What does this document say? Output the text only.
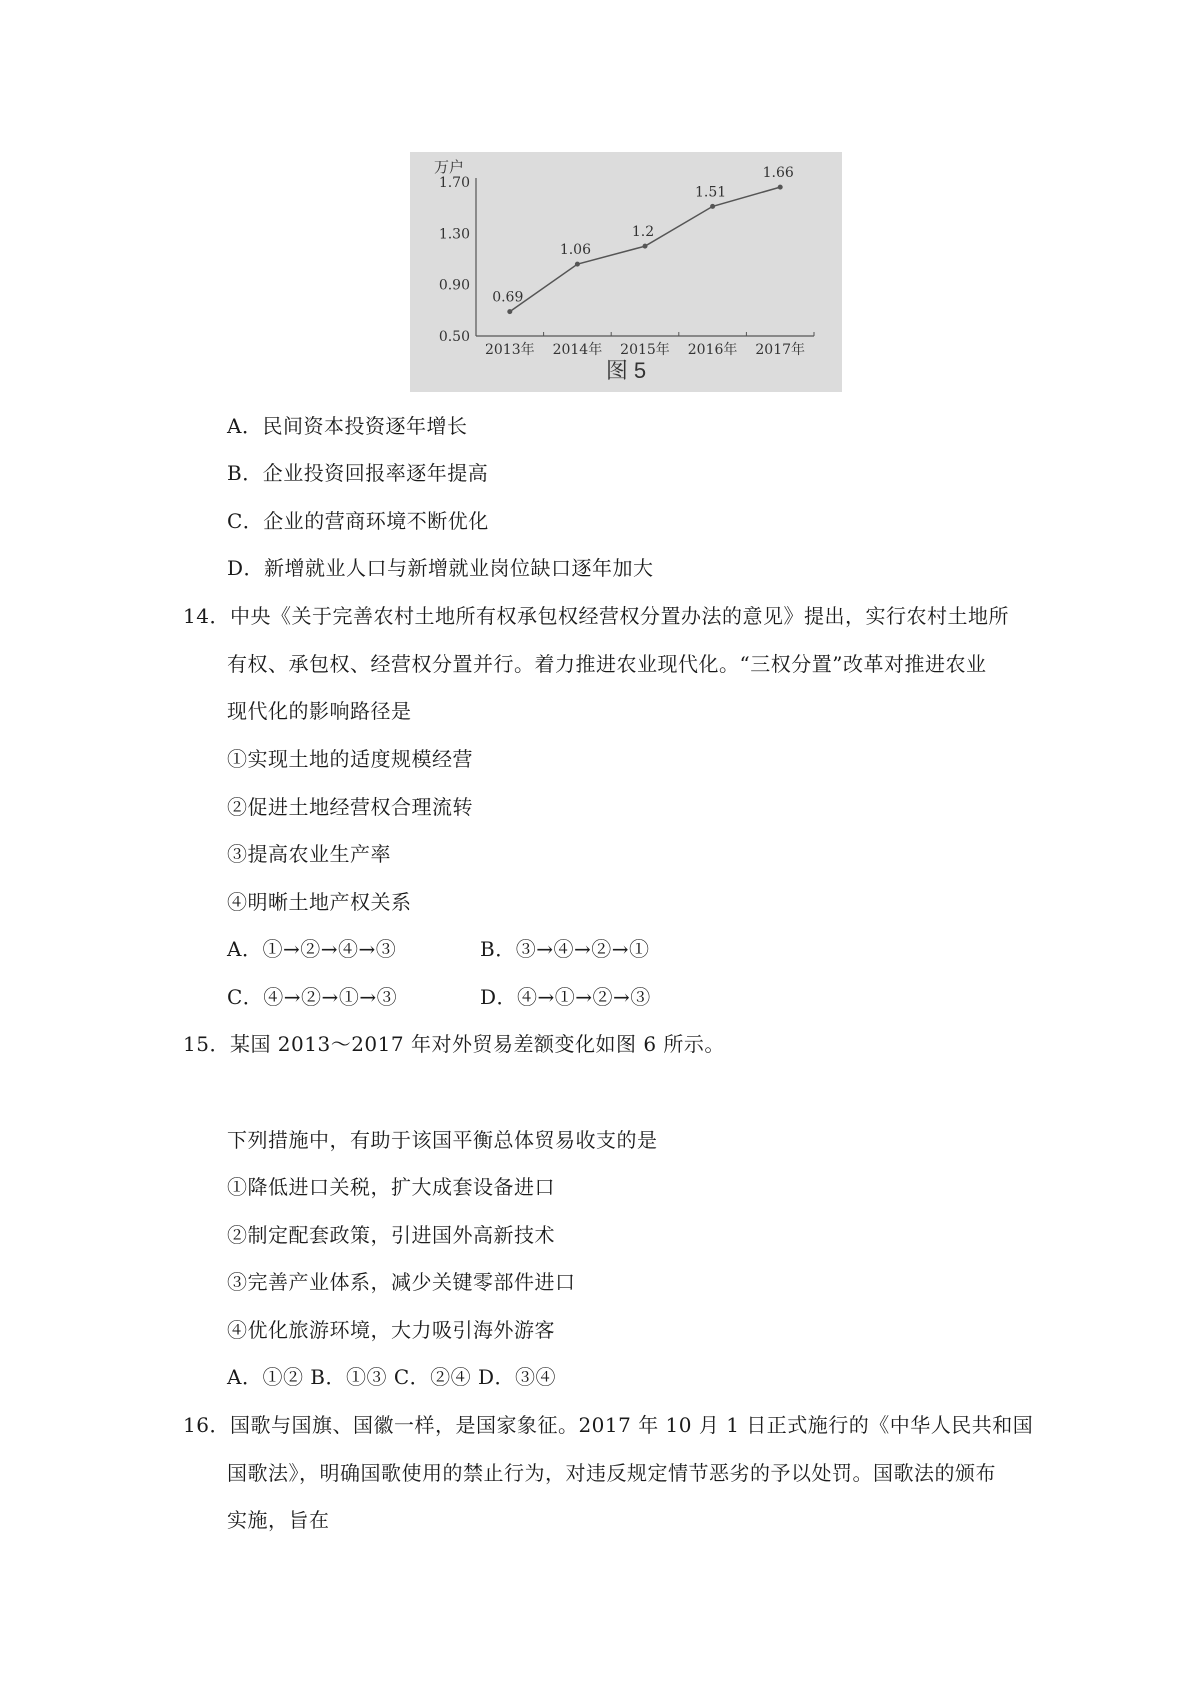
万户
1.70
1.30
0.90
0.50
2013年 2014年 2015年 2016年 2017年
0.69
1.06
1.2
1.51
1.66
图 5
A．民间资本投资逐年增长
B．企业投资回报率逐年提高
C．企业的营商环境不断优化
D．新增就业人口与新增就业岗位缺口逐年加大
14．中央《关于完善农村土地所有权承包权经营权分置办法的意见》提出，实行农村土地所
有权、承包权、经营权分置并行。着力推进农业现代化。“三权分置”改革对推进农业
现代化的影响路径是
①实现土地的适度规模经营
②促进土地经营权合理流转
③提高农业生产率
④明晰土地产权关系
A．①→②→④→③	B．③→④→②→①
C．④→②→①→③	D．④→①→②→③
15．某国 2013～2017 年对外贸易差额变化如图 6 所示。
下列措施中，有助于该国平衡总体贸易收支的是
①降低进口关税，扩大成套设备进口
②制定配套政策，引进国外高新技术
③完善产业体系，减少关键零部件进口
④优化旅游环境，大力吸引海外游客
A．①② B．①③ C．②④ D．③④
16．国歌与国旗、国徽一样，是国家象征。2017 年 10 月 1 日正式施行的《中华人民共和国
国歌法》，明确国歌使用的禁止行为，对违反规定情节恶劣的予以处罚。国歌法的颁布
实施，旨在
